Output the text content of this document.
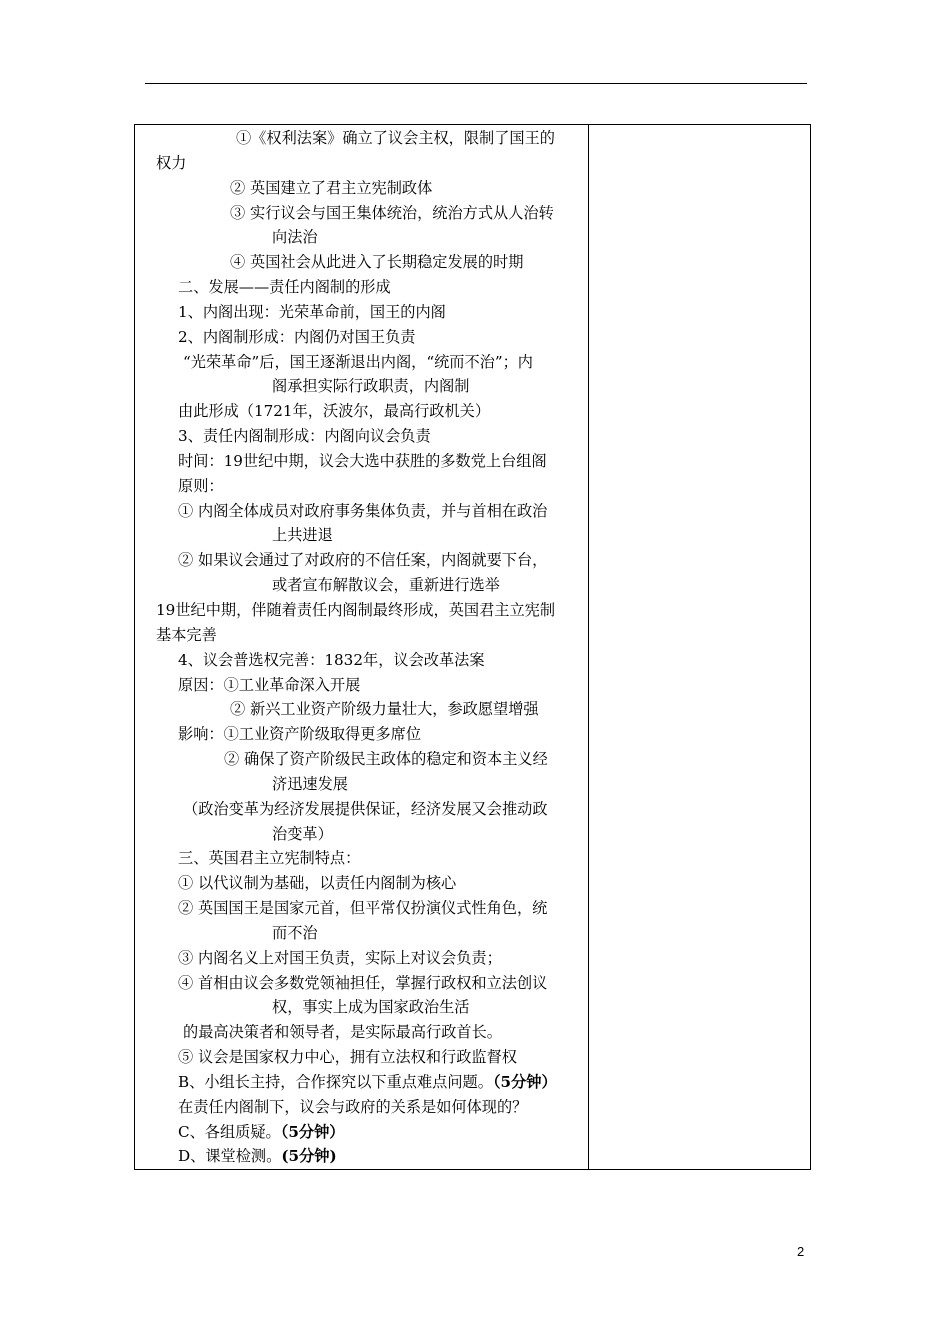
①《权利法案》确立了议会主权，限制了国王的
权力
② 英国建立了君主立宪制政体
③ 实行议会与国王集体统治，统治方式从人治转
向法治
④ 英国社会从此进入了长期稳定发展的时期
二、发展——责任内阁制的形成
1、内阁出现：光荣革命前，国王的内阁
2、内阁制形成：内阁仍对国王负责
“光荣革命”后，国王逐渐退出内阁，“统而不治”；内
阁承担实际行政职责，内阁制
由此形成（1721年，沃波尔，最高行政机关）
3、责任内阁制形成：内阁向议会负责
时间：19世纪中期，议会大选中获胜的多数党上台组阁
原则：
① 内阁全体成员对政府事务集体负责，并与首相在政治
上共进退
② 如果议会通过了对政府的不信任案，内阁就要下台，
或者宣布解散议会，重新进行选举
19世纪中期，伴随着责任内阁制最终形成，英国君主立宪制
基本完善
4、议会普选权完善：1832年，议会改革法案
原因：①工业革命深入开展
② 新兴工业资产阶级力量壮大，参政愿望增强
影响：①工业资产阶级取得更多席位
② 确保了资产阶级民主政体的稳定和资本主义经
济迅速发展
（政治变革为经济发展提供保证，经济发展又会推动政
治变革）
三、英国君主立宪制特点：
① 以代议制为基础，以责任内阁制为核心
② 英国国王是国家元首，但平常仅扮演仪式性角色，统
而不治
③ 内阁名义上对国王负责，实际上对议会负责；
④ 首相由议会多数党领袖担任，掌握行政权和立法创议
权，事实上成为国家政治生活
的最高决策者和领导者，是实际最高行政首长。
⑤ 议会是国家权力中心，拥有立法权和行政监督权
B、小组长主持，合作探究以下重点难点问题。（5分钟）
在责任内阁制下，议会与政府的关系是如何体现的？
C、各组质疑。（5分钟）
D、课堂检测。(5分钟)
2
